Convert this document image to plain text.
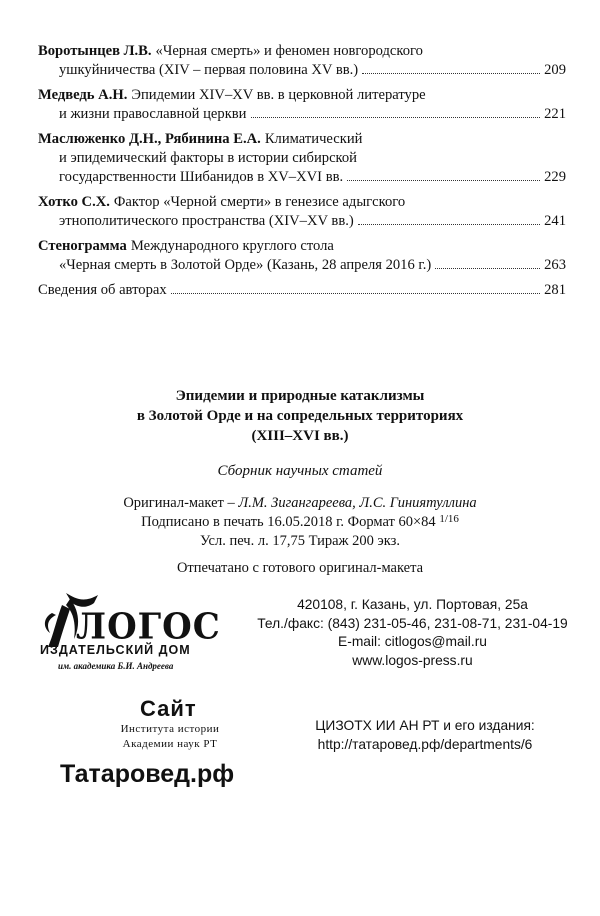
Воротынцев Л.В. «Черная смерть» и феномен новгородского
ушкуйничества (XIV – первая половина XV вв.)	209
Медведь А.Н. Эпидемии XIV–XV вв. в церковной литературе
и жизни православной церкви	221
Маслюженко Д.Н., Рябинина Е.А. Климатический
и эпидемический факторы в истории сибирской
государственности Шибанидов в XV–XVI вв.	229
Хотко С.Х. Фактор «Черной смерти» в генезисе адыгского
этнополитического пространства (XIV–XV вв.)	241
Стенограмма Международного круглого стола
«Черная смерть в Золотой Орде» (Казань, 28 апреля 2016 г.)	263
Сведения об авторах	281
Эпидемии и природные катаклизмы
в Золотой Орде и на сопредельных территориях
(XIII–XVI вв.)
Сборник научных статей
Оригинал-макет – Л.М. Зигангареева, Л.С. Гиниятуллина
Подписано в печать 16.05.2018 г. Формат 60×84 $^{1/16}$
Усл. печ. л. 17,75 Тираж 200 экз.
Отпечатано с готового оригинал-макета
ЛОГОС
ИЗДАТЕЛЬСКИЙ ДОМ
им. академика Б.И. Андреева
420108, г. Казань, ул. Портовая, 25а
Тел./факс: (843) 231-05-46, 231-08-71, 231-04-19
E-mail: citlogos@mail.ru
www.logos-press.ru
Сайт
Института истории
Академии наук РТ
Татаровед.рф
ЦИЗОТХ ИИ АН РТ и его издания:
http://татаровед.рф/departments/6
